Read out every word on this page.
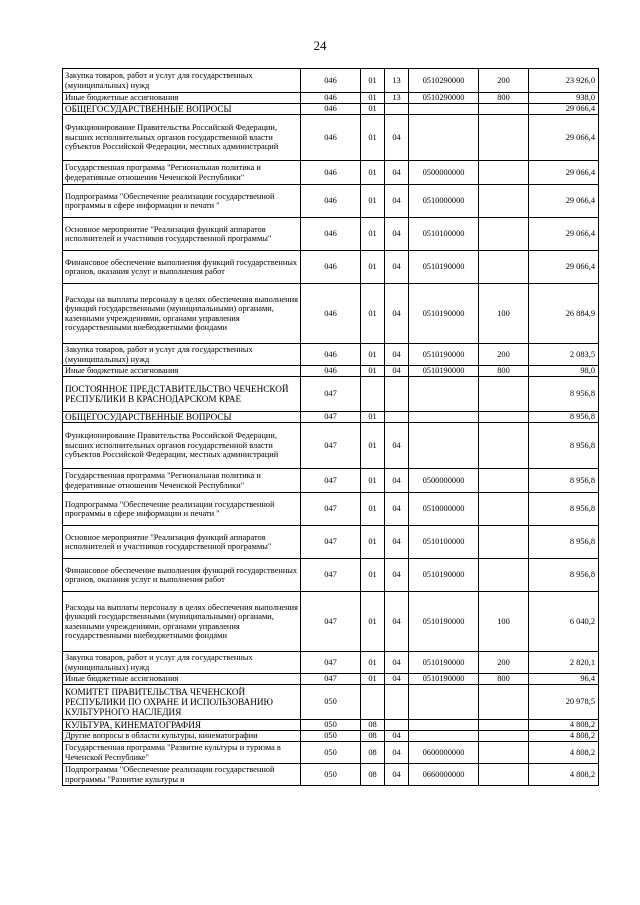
24
Закупка товаров, работ и услуг для государственных (муниципальных) нужд	046	01	13	0510290000	200	23 926,0
Иные бюджетные ассигнования	046	01	13	0510290000	800	938,0
ОБЩЕГОСУДАРСТВЕННЫЕ ВОПРОСЫ	046	01				29 066,4
Функционирование Правительства Российской Федерации, высших исполнительных органов государственной власти субъектов Российской Федерации, местных администраций	046	01	04			29 066,4
Государственная программа "Региональная политика и федеративные отношения Чеченской Республики"	046	01	04	0500000000		29 066,4
Подпрограмма "Обеспечение реализации государственной программы в сфере информации и печати "	046	01	04	0510000000		29 066,4
Основное мероприятие "Реализация функций аппаратов исполнителей и участников государственной программы"	046	01	04	0510100000		29 066,4
Финансовое обеспечение выполнения функций государственных органов, оказания услуг и выполнения работ	046	01	04	0510190000		29 066,4
Расходы на выплаты персоналу в целях обеспечения выполнения функций государственными (муниципальными) органами, казенными учреждениями, органами управления государственными внебюджетными фондами	046	01	04	0510190000	100	26 884,9
Закупка товаров, работ и услуг для государственных (муниципальных) нужд	046	01	04	0510190000	200	2 083,5
Иные бюджетные ассигнования	046	01	04	0510190000	800	98,0
ПОСТОЯННОЕ ПРЕДСТАВИТЕЛЬСТВО ЧЕЧЕНСКОЙ РЕСПУБЛИКИ В КРАСНОДАРСКОМ КРАЕ	047					8 956,8
ОБЩЕГОСУДАРСТВЕННЫЕ ВОПРОСЫ	047	01				8 956,8
Функционирование Правительства Российской Федерации, высших исполнительных органов государственной власти субъектов Российской Федерации, местных администраций	047	01	04			8 956,8
Государственная программа "Региональная политика и федеративные отношения Чеченской Республики"	047	01	04	0500000000		8 956,8
Подпрограмма "Обеспечение реализации государственной программы в сфере информации и печати "	047	01	04	0510000000		8 956,8
Основное мероприятие "Реализация функций аппаратов исполнителей и участников государственной программы"	047	01	04	0510100000		8 956,8
Финансовое обеспечение выполнения функций государственных органов, оказания услуг и выполнения работ	047	01	04	0510190000		8 956,8
Расходы на выплаты персоналу в целях обеспечения выполнения функций государственными (муниципальными) органами, казенными учреждениями, органами управления государственными внебюджетными фондами	047	01	04	0510190000	100	6 040,2
Закупка товаров, работ и услуг для государственных (муниципальных) нужд	047	01	04	0510190000	200	2 820,1
Иные бюджетные ассигнования	047	01	04	0510190000	800	96,4
КОМИТЕТ ПРАВИТЕЛЬСТВА ЧЕЧЕНСКОЙ РЕСПУБЛИКИ ПО ОХРАНЕ И ИСПОЛЬЗОВАНИЮ КУЛЬТУРНОГО НАСЛЕДИЯ	050					20 978,5
КУЛЬТУРА, КИНЕМАТОГРАФИЯ	050	08				4 808,2
Другие вопросы в области культуры, кинематографии	050	08	04			4 808,2
Государственная программа "Развитие культуры и туризма в Чеченской Республике"	050	08	04	0600000000		4 808,2
Подпрограмма "Обеспечение реализации государственной программы "Развитие культуры и	050	08	04	0660000000		4 808,2
